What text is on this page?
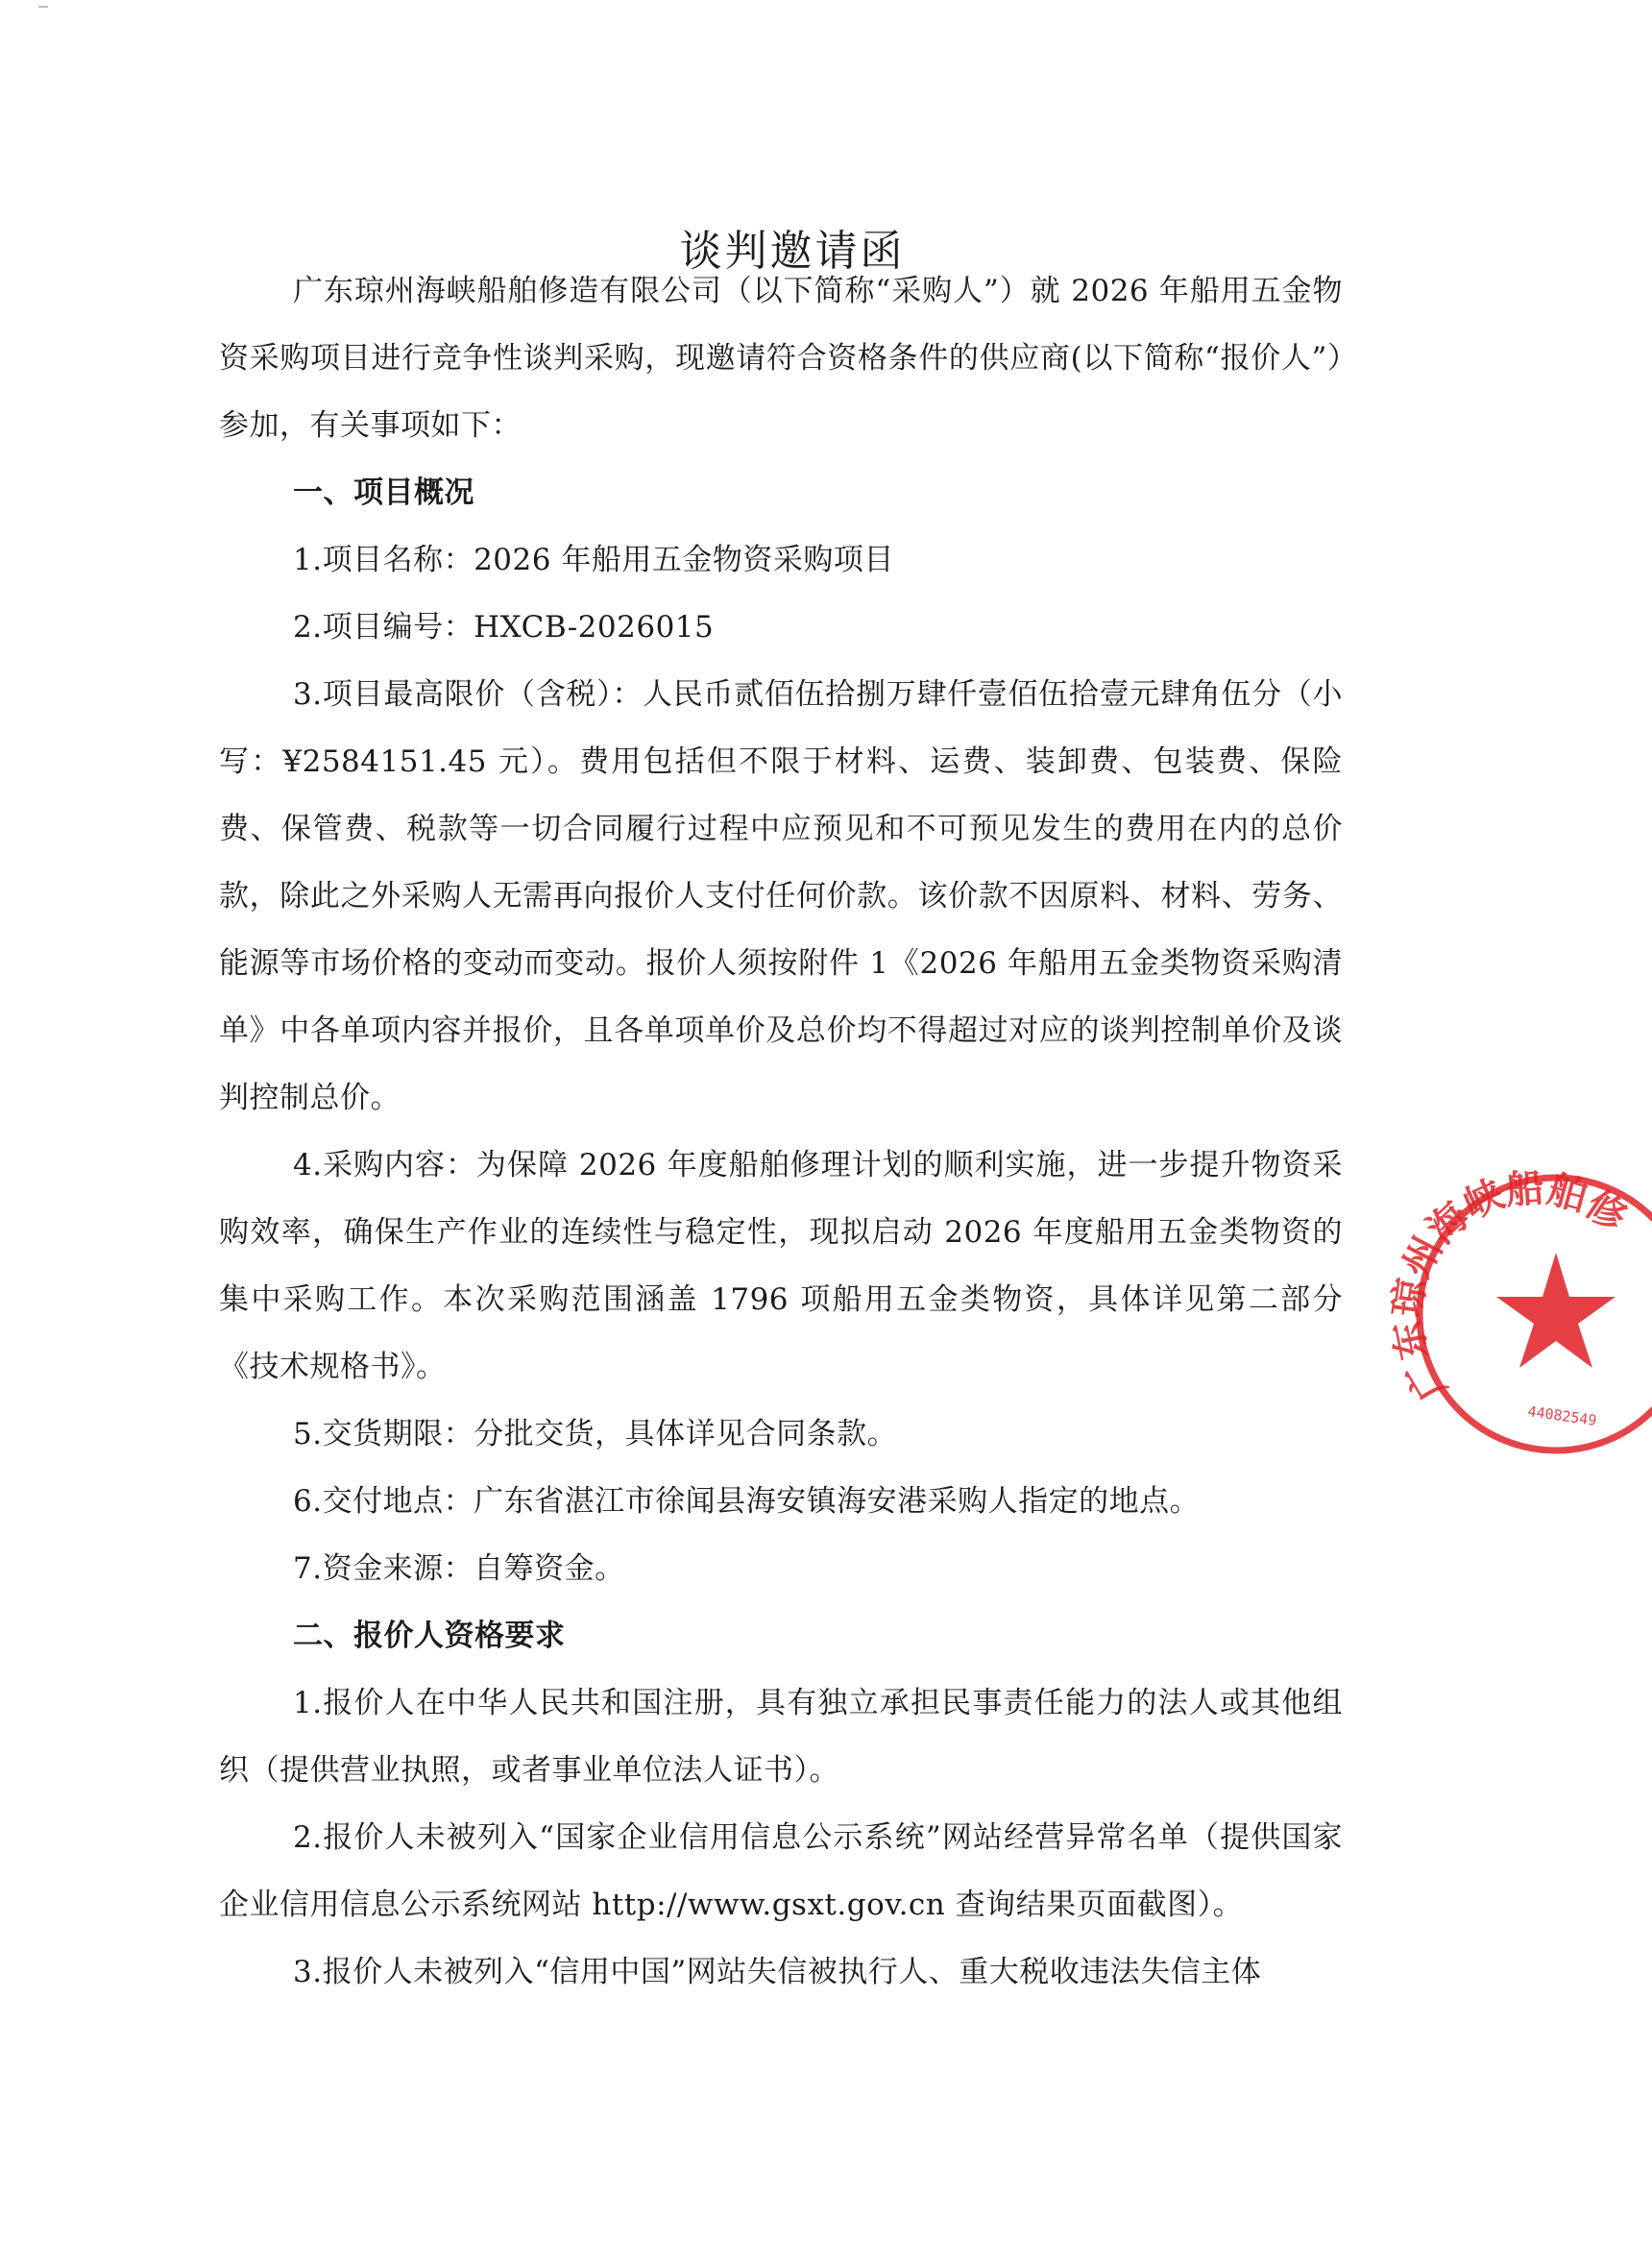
谈判邀请函

广东琼州海峡船舶修造有限公司（以下简称“采购人”）就 2026 年船用五金物资采购项目进行竞争性谈判采购，现邀请符合资格条件的供应商(以下简称“报价人”）参加，有关事项如下：

一、项目概况

1.项目名称：2026 年船用五金物资采购项目

2.项目编号：HXCB-2026015

3.项目最高限价（含税）：人民币贰佰伍拾捌万肆仟壹佰伍拾壹元肆角伍分（小写：¥2584151.45 元）。费用包括但不限于材料、运费、装卸费、包装费、保险费、保管费、税款等一切合同履行过程中应预见和不可预见发生的费用在内的总价款，除此之外采购人无需再向报价人支付任何价款。该价款不因原料、材料、劳务、能源等市场价格的变动而变动。报价人须按附件 1《2026 年船用五金类物资采购清单》中各单项内容并报价，且各单项单价及总价均不得超过对应的谈判控制单价及谈判控制总价。

4.采购内容：为保障 2026 年度船舶修理计划的顺利实施，进一步提升物资采购效率，确保生产作业的连续性与稳定性，现拟启动 2026 年度船用五金类物资的集中采购工作。本次采购范围涵盖 1796 项船用五金类物资，具体详见第二部分《技术规格书》。

5.交货期限：分批交货，具体详见合同条款。

6.交付地点：广东省湛江市徐闻县海安镇海安港采购人指定的地点。

7.资金来源：自筹资金。

二、报价人资格要求

1.报价人在中华人民共和国注册，具有独立承担民事责任能力的法人或其他组织（提供营业执照，或者事业单位法人证书）。

2.报价人未被列入“国家企业信用信息公示系统”网站经营异常名单（提供国家企业信用信息公示系统网站 http://www.gsxt.gov.cn 查询结果页面截图）。

3.报价人未被列入“信用中国”网站失信被执行人、重大税收违法失信主体

广东琼州海峡船舶修
44082549
